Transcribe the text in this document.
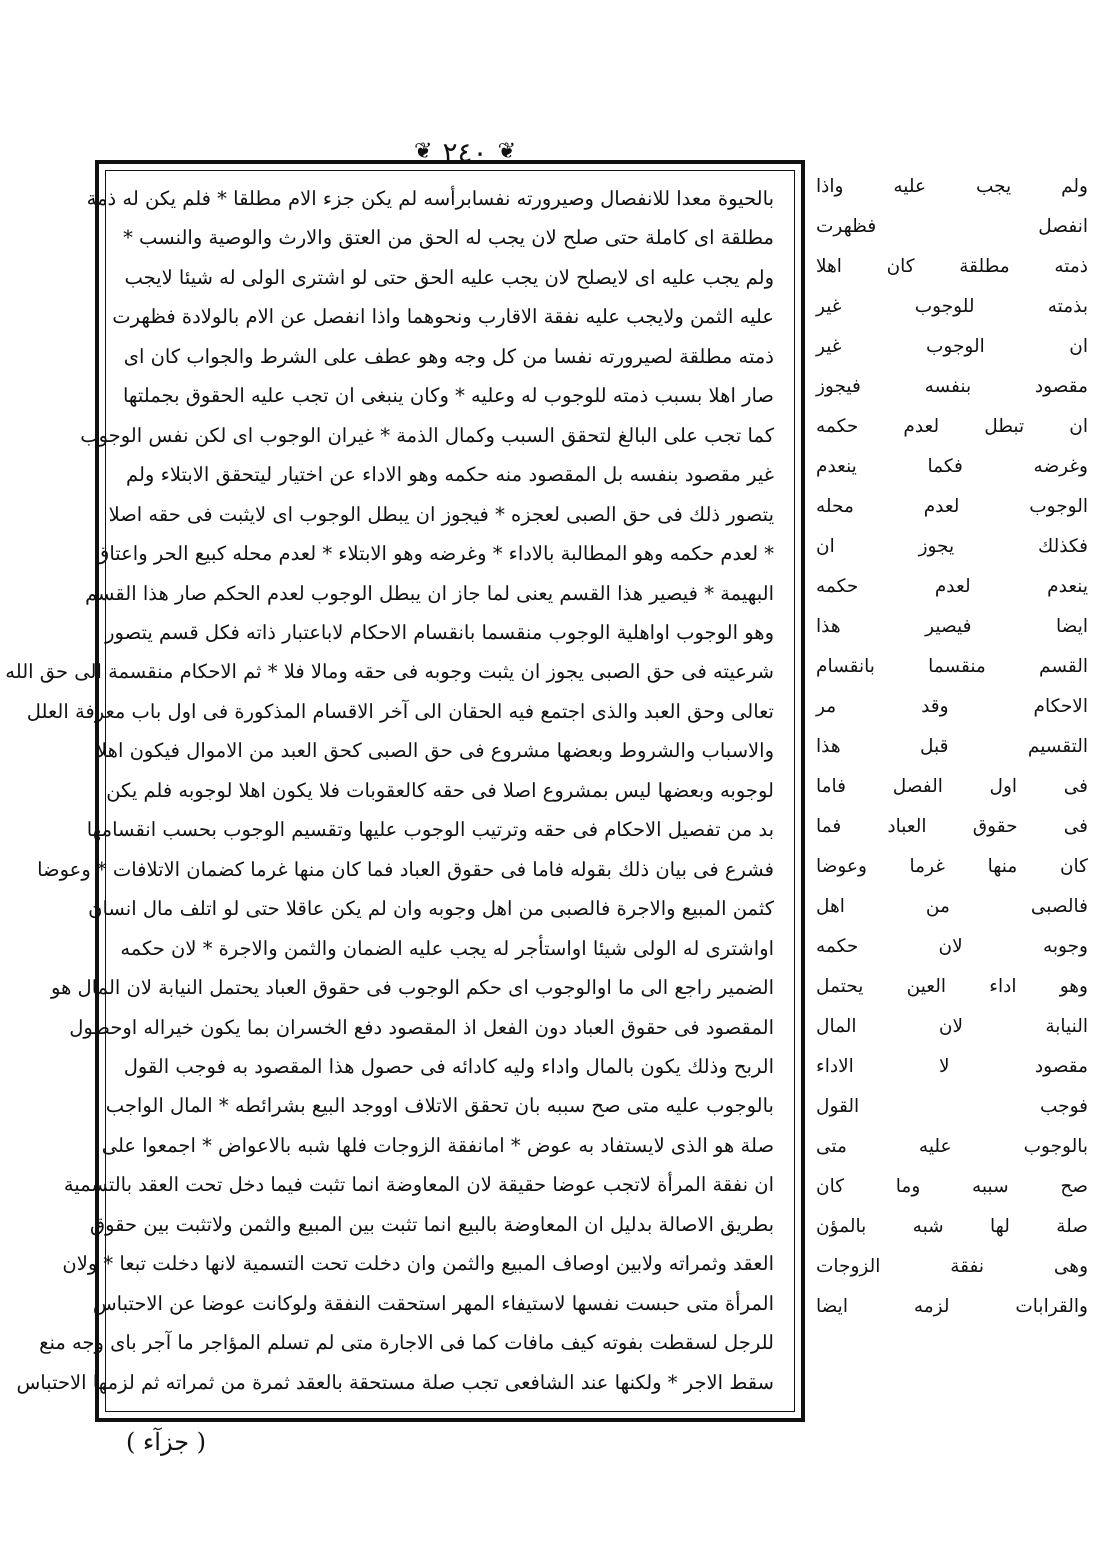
❦ ٢٤٠ ❦
بالحيوة معدا للانفصال وصيرورته نفسابرأسه لم يكن جزء الام مطلقا * فلم يكن له ذمة
مطلقة اى كاملة حتى صلح لان يجب له الحق من العتق والارث والوصية والنسب *
ولم يجب عليه اى لايصلح لان يجب عليه الحق حتى لو اشترى الولى له شيئا لايجب
عليه الثمن ولايجب عليه نفقة الاقارب ونحوهما واذا انفصل عن الام بالولادة فظهرت
ذمته مطلقة لصيرورته نفسا من كل وجه وهو عطف على الشرط والجواب كان اى
صار اهلا بسبب ذمته للوجوب له وعليه * وكان ينبغى ان تجب عليه الحقوق بجملتها
كما تجب على البالغ لتحقق السبب وكمال الذمة * غيران الوجوب اى لكن نفس الوجوب
غير مقصود بنفسه بل المقصود منه حكمه وهو الاداء عن اختيار ليتحقق الابتلاء ولم
يتصور ذلك فى حق الصبى لعجزه * فيجوز ان يبطل الوجوب اى لايثبت فى حقه اصلا
* لعدم حكمه وهو المطالبة بالاداء * وغرضه وهو الابتلاء * لعدم محله كبيع الحر واعتاق
البهيمة * فيصير هذا القسم يعنى لما جاز ان يبطل الوجوب لعدم الحكم صار هذا القسم
وهو الوجوب اواهلية الوجوب منقسما بانقسام الاحكام لاباعتبار ذاته فكل قسم يتصور
شرعيته فى حق الصبى يجوز ان يثبت وجوبه فى حقه ومالا فلا * ثم الاحكام منقسمة الى حق الله
تعالى وحق العبد والذى اجتمع فيه الحقان الى آخر الاقسام المذكورة فى اول باب معرفة العلل
والاسباب والشروط وبعضها مشروع فى حق الصبى كحق العبد من الاموال فيكون اهلا
لوجوبه وبعضها ليس بمشروع اصلا فى حقه كالعقوبات فلا يكون اهلا لوجوبه فلم يكن
بد من تفصيل الاحكام فى حقه وترتيب الوجوب عليها وتقسيم الوجوب بحسب انقسامها
فشرع فى بيان ذلك بقوله فاما فى حقوق العباد فما كان منها غرما كضمان الاتلافات * وعوضا
كثمن المبيع والاجرة فالصبى من اهل وجوبه وان لم يكن عاقلا حتى لو اتلف مال انسان
اواشترى له الولى شيئا اواستأجر له يجب عليه الضمان والثمن والاجرة * لان حكمه
الضمير راجع الى ما اوالوجوب اى حكم الوجوب فى حقوق العباد يحتمل النيابة لان المال هو
المقصود فى حقوق العباد دون الفعل اذ المقصود دفع الخسران بما يكون خيراله اوحصول
الربح وذلك يكون بالمال واداء وليه كادائه فى حصول هذا المقصود به فوجب القول
بالوجوب عليه متى صح سببه بان تحقق الاتلاف اووجد البيع بشرائطه * المال الواجب
صلة هو الذى لايستفاد به عوض * امانفقة الزوجات فلها شبه بالاعواض * اجمعوا على
ان نفقة المرأة لاتجب عوضا حقيقة لان المعاوضة انما تثبت فيما دخل تحت العقد بالتسمية
بطريق الاصالة بدليل ان المعاوضة بالبيع انما تثبت بين المبيع والثمن ولاتثبت بين حقوق
العقد وثمراته ولابين اوصاف المبيع والثمن وان دخلت تحت التسمية لانها دخلت تبعا * ولان
المرأة متى حبست نفسها لاستيفاء المهر استحقت النفقة ولوكانت عوضا عن الاحتباس
للرجل لسقطت بفوته كيف مافات كما فى الاجارة متى لم تسلم المؤاجر ما آجر باى وجه منع
سقط الاجر * ولكنها عند الشافعى تجب صلة مستحقة بالعقد ثمرة من ثمراته ثم لزمها الاحتباس
ولم يجب عليه واذا
انفصل فظهرت
ذمته مطلقة كان اهلا
بذمته للوجوب غير
ان الوجوب غير
مقصود بنفسه فيجوز
ان تبطل لعدم حكمه
وغرضه فكما ينعدم
الوجوب لعدم محله
فكذلك يجوز ان
ينعدم لعدم حكمه
ايضا فيصير هذا
القسم منقسما بانقسام
الاحكام وقد مر
التقسيم قبل هذا
فى اول الفصل فاما
فى حقوق العباد فما
كان منها غرما وعوضا
فالصبى من اهل
وجوبه لان حكمه
وهو اداء العين يحتمل
النيابة لان المال
مقصود لا الاداء
فوجب القول
بالوجوب عليه متى
صح سببه وما كان
صلة لها شبه بالمؤن
وهى نفقة الزوجات
والقرابات لزمه ايضا
( جزآء )
